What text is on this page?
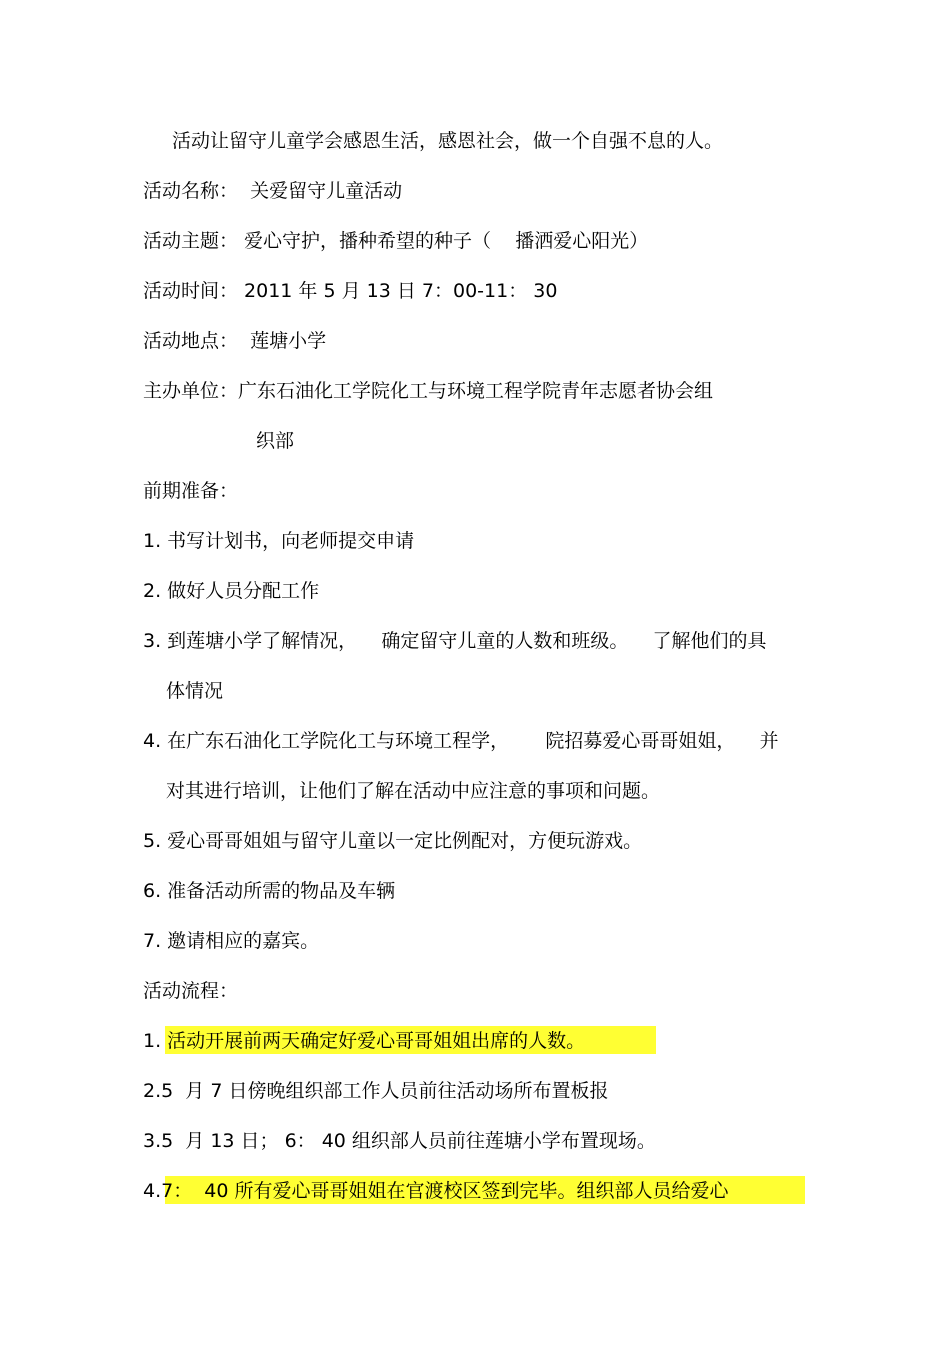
活动让留守儿童学会感恩生活，感恩社会，做一个自强不息的人。
活动名称：  关爱留守儿童活动
活动主题： 爱心守护，播种希望的种子（    播洒爱心阳光）
活动时间： 2011 年 5 月 13 日 7：00-11： 30
活动地点：  莲塘小学
主办单位：广东石油化工学院化工与环境工程学院青年志愿者协会组
织部
前期准备：
1. 书写计划书，向老师提交申请
2. 做好人员分配工作
3. 到莲塘小学了解情况，    确定留守儿童的人数和班级。    了解他们的具
体情况
4. 在广东石油化工学院化工与环境工程学，      院招募爱心哥哥姐姐，    并
对其进行培训，让他们了解在活动中应注意的事项和问题。
5. 爱心哥哥姐姐与留守儿童以一定比例配对，方便玩游戏。
6. 准备活动所需的物品及车辆
7. 邀请相应的嘉宾。
活动流程：
1. 活动开展前两天确定好爱心哥哥姐姐出席的人数。
2.5  月 7 日傍晚组织部工作人员前往活动场所布置板报
3.5  月 13 日； 6： 40 组织部人员前往莲塘小学布置现场。
4.7：  40 所有爱心哥哥姐姐在官渡校区签到完毕。组织部人员给爱心
